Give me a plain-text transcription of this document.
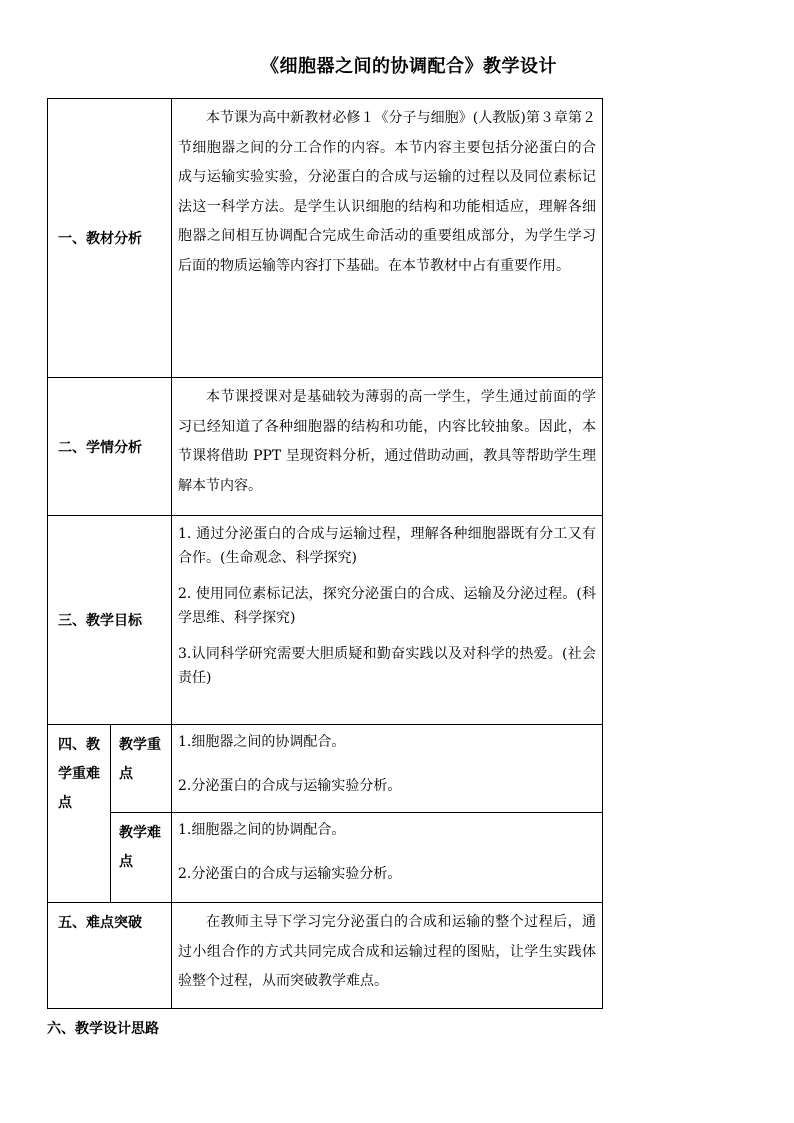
《细胞器之间的协调配合》教学设计
一、教材分析		本节课为高中新教材必修１《分子与细胞》(人教版)第３章第２节细胞器之间的分工合作的内容。本节内容主要包括分泌蛋白的合成与运输实验实验，分泌蛋白的合成与运输的过程以及同位素标记法这一科学方法。是学生认识细胞的结构和功能相适应，理解各细胞器之间相互协调配合完成生命活动的重要组成部分，为学生学习后面的物质运输等内容打下基础。在本节教材中占有重要作用。
二、学情分析		本节课授课对是基础较为薄弱的高一学生，学生通过前面的学习已经知道了各种细胞器的结构和功能，内容比较抽象。因此，本节课将借助 PPT 呈现资料分析，通过借助动画，教具等帮助学生理解本节内容。
三、教学目标		1. 通过分泌蛋白的合成与运输过程，理解各种细胞器既有分工又有合作。(生命观念、科学探究)

2. 使用同位素标记法，探究分泌蛋白的合成、运输及分泌过程。(科学思维、科学探究)

3.认同科学研究需要大胆质疑和勤奋实践以及对科学的热爱。(社会责任)

四、教学重难点	教学重点	1.细胞器之间的协调配合。

2.分泌蛋白的合成与运输实验分析。

	教学难点	1.细胞器之间的协调配合。

2.分泌蛋白的合成与运输实验分析。

五、难点突破		在教师主导下学习完分泌蛋白的合成和运输的整个过程后，通过小组合作的方式共同完成合成和运输过程的图贴，让学生实践体验整个过程，从而突破教学难点。
六、教学设计思路
